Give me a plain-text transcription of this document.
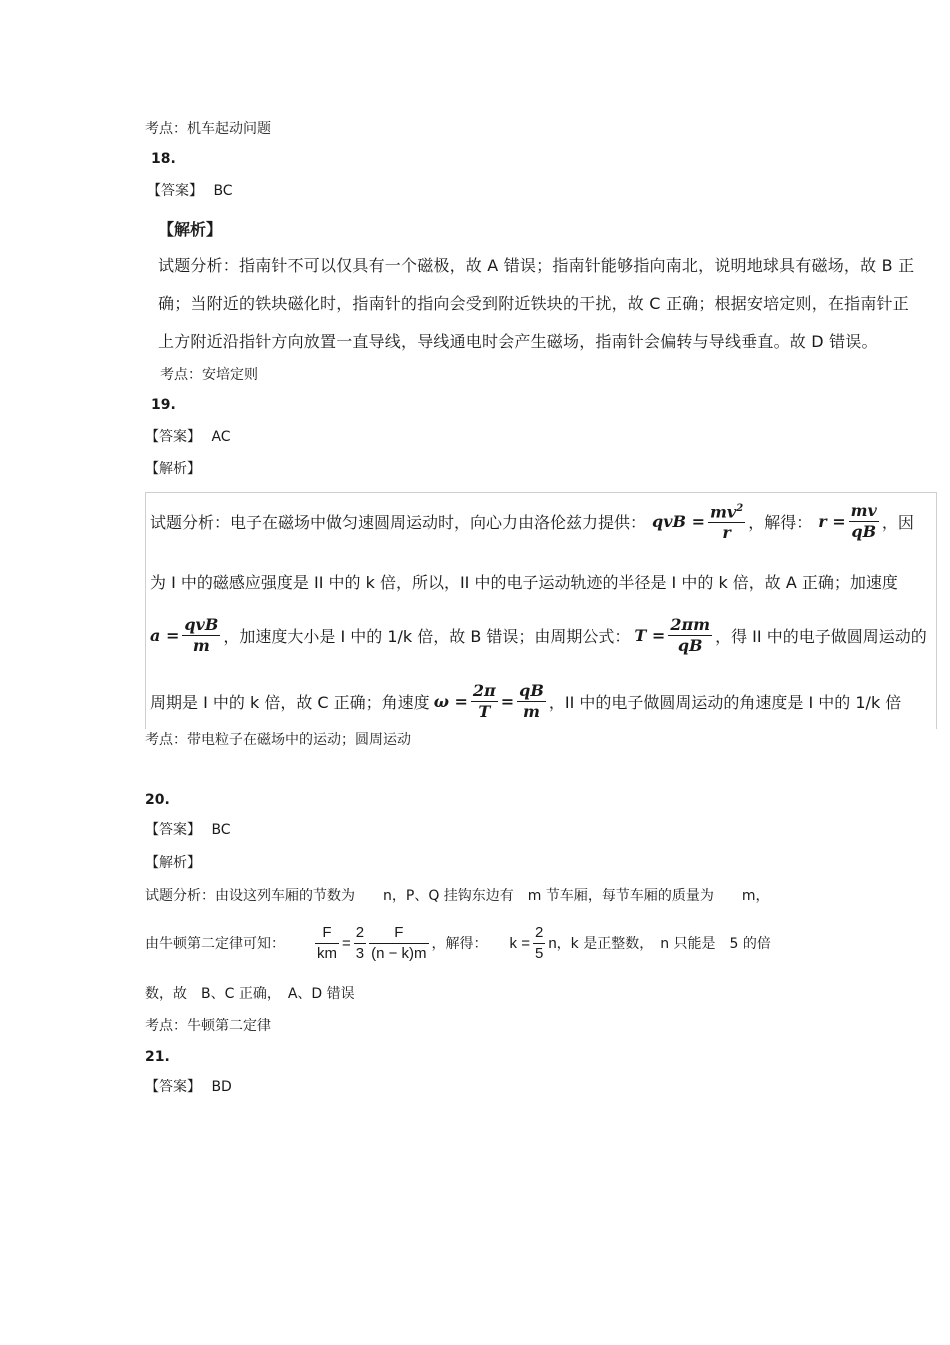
考点：机车起动问题
18.
【答案】 BC
【解析】
试题分析：指南针不可以仅具有一个磁极，故 A 错误；指南针能够指向南北，说明地球具有磁场，故 B 正
确；当附近的铁块磁化时，指南针的指向会受到附近铁块的干扰，故 C 正确；根据安培定则，在指南针正
上方附近沿指针方向放置一直导线，导线通电时会产生磁场，指南针会偏转与导线垂直。故 D 错误。
考点：安培定则
19.
【答案】 AC
【解析】
试题分析：电子在磁场中做匀速圆周运动时，向心力由洛伦兹力提供： qvB = $\frac{mv^2}{r}$ ，解得： $r = \frac{mv}{qB}$ ，因
为 I 中的磁感应强度是 II 中的 k 倍，所以，II 中的电子运动轨迹的半径是 I 中的 k 倍，故 A 正确；加速度
$a = \frac{\text{qvB}}{m}$ ，加速度大小是 I 中的 1/k 倍，故 B 错误；由周期公式： $T = \frac{2\pi m}{qB}$ ，得 II 中的电子做圆周运动的
周期是 I 中的 k 倍，故 C 正确；角速度 $\omega = \frac{2\pi}{T} = \frac{qB}{m}$ ，II 中的电子做圆周运动的角速度是 I 中的 1/k 倍
考点：带电粒子在磁场中的运动；圆周运动
20.
【答案】 BC
【解析】
试题分析：由设这列车厢的节数为　　n，P、Q 挂钩东边有　m 节车厢，每节车厢的质量为　　m，
由牛顿第二定律可知： $\frac{F}{km} = \frac{2}{3} \frac{F}{(n - k)m}$ ，解得： $k = \frac{2}{5}$ n ，k 是正整数，　n 只能是　5 的倍
数，故　B、C 正确，　A、D 错误
考点：牛顿第二定律
21.
【答案】 BD
